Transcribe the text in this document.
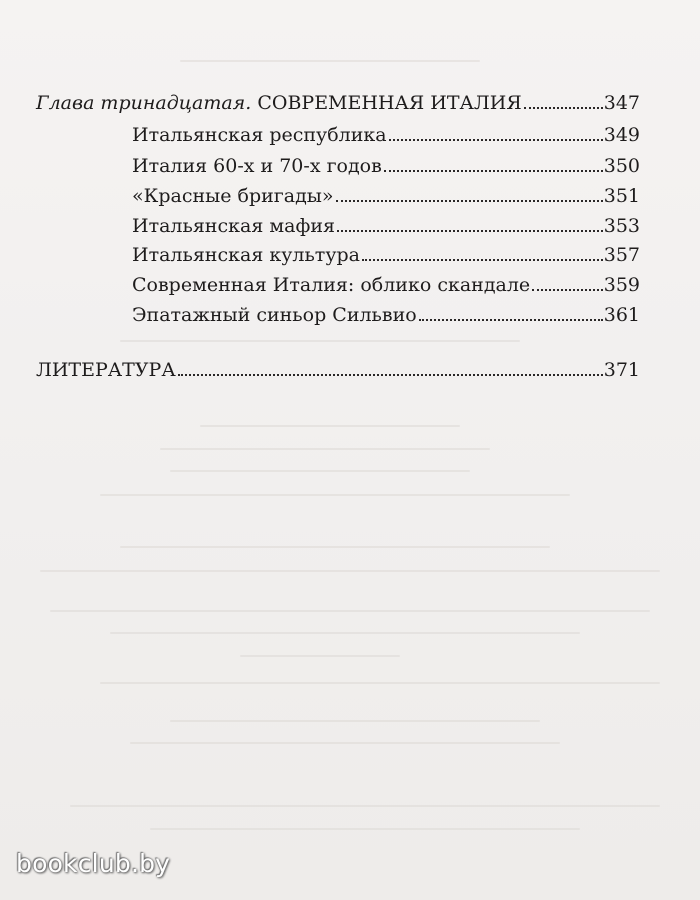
Глава тринадцатая. СОВРЕМЕННАЯ ИТАЛИЯ	347
Итальянская республика	349
Италия 60-х и 70-х годов	350
«Красные бригады»	351
Итальянская мафия	353
Итальянская культура	357
Современная Италия: облико скандале	359
Эпатажный синьор Сильвио	361
ЛИТЕРАТУРА	371
bookclub.by
